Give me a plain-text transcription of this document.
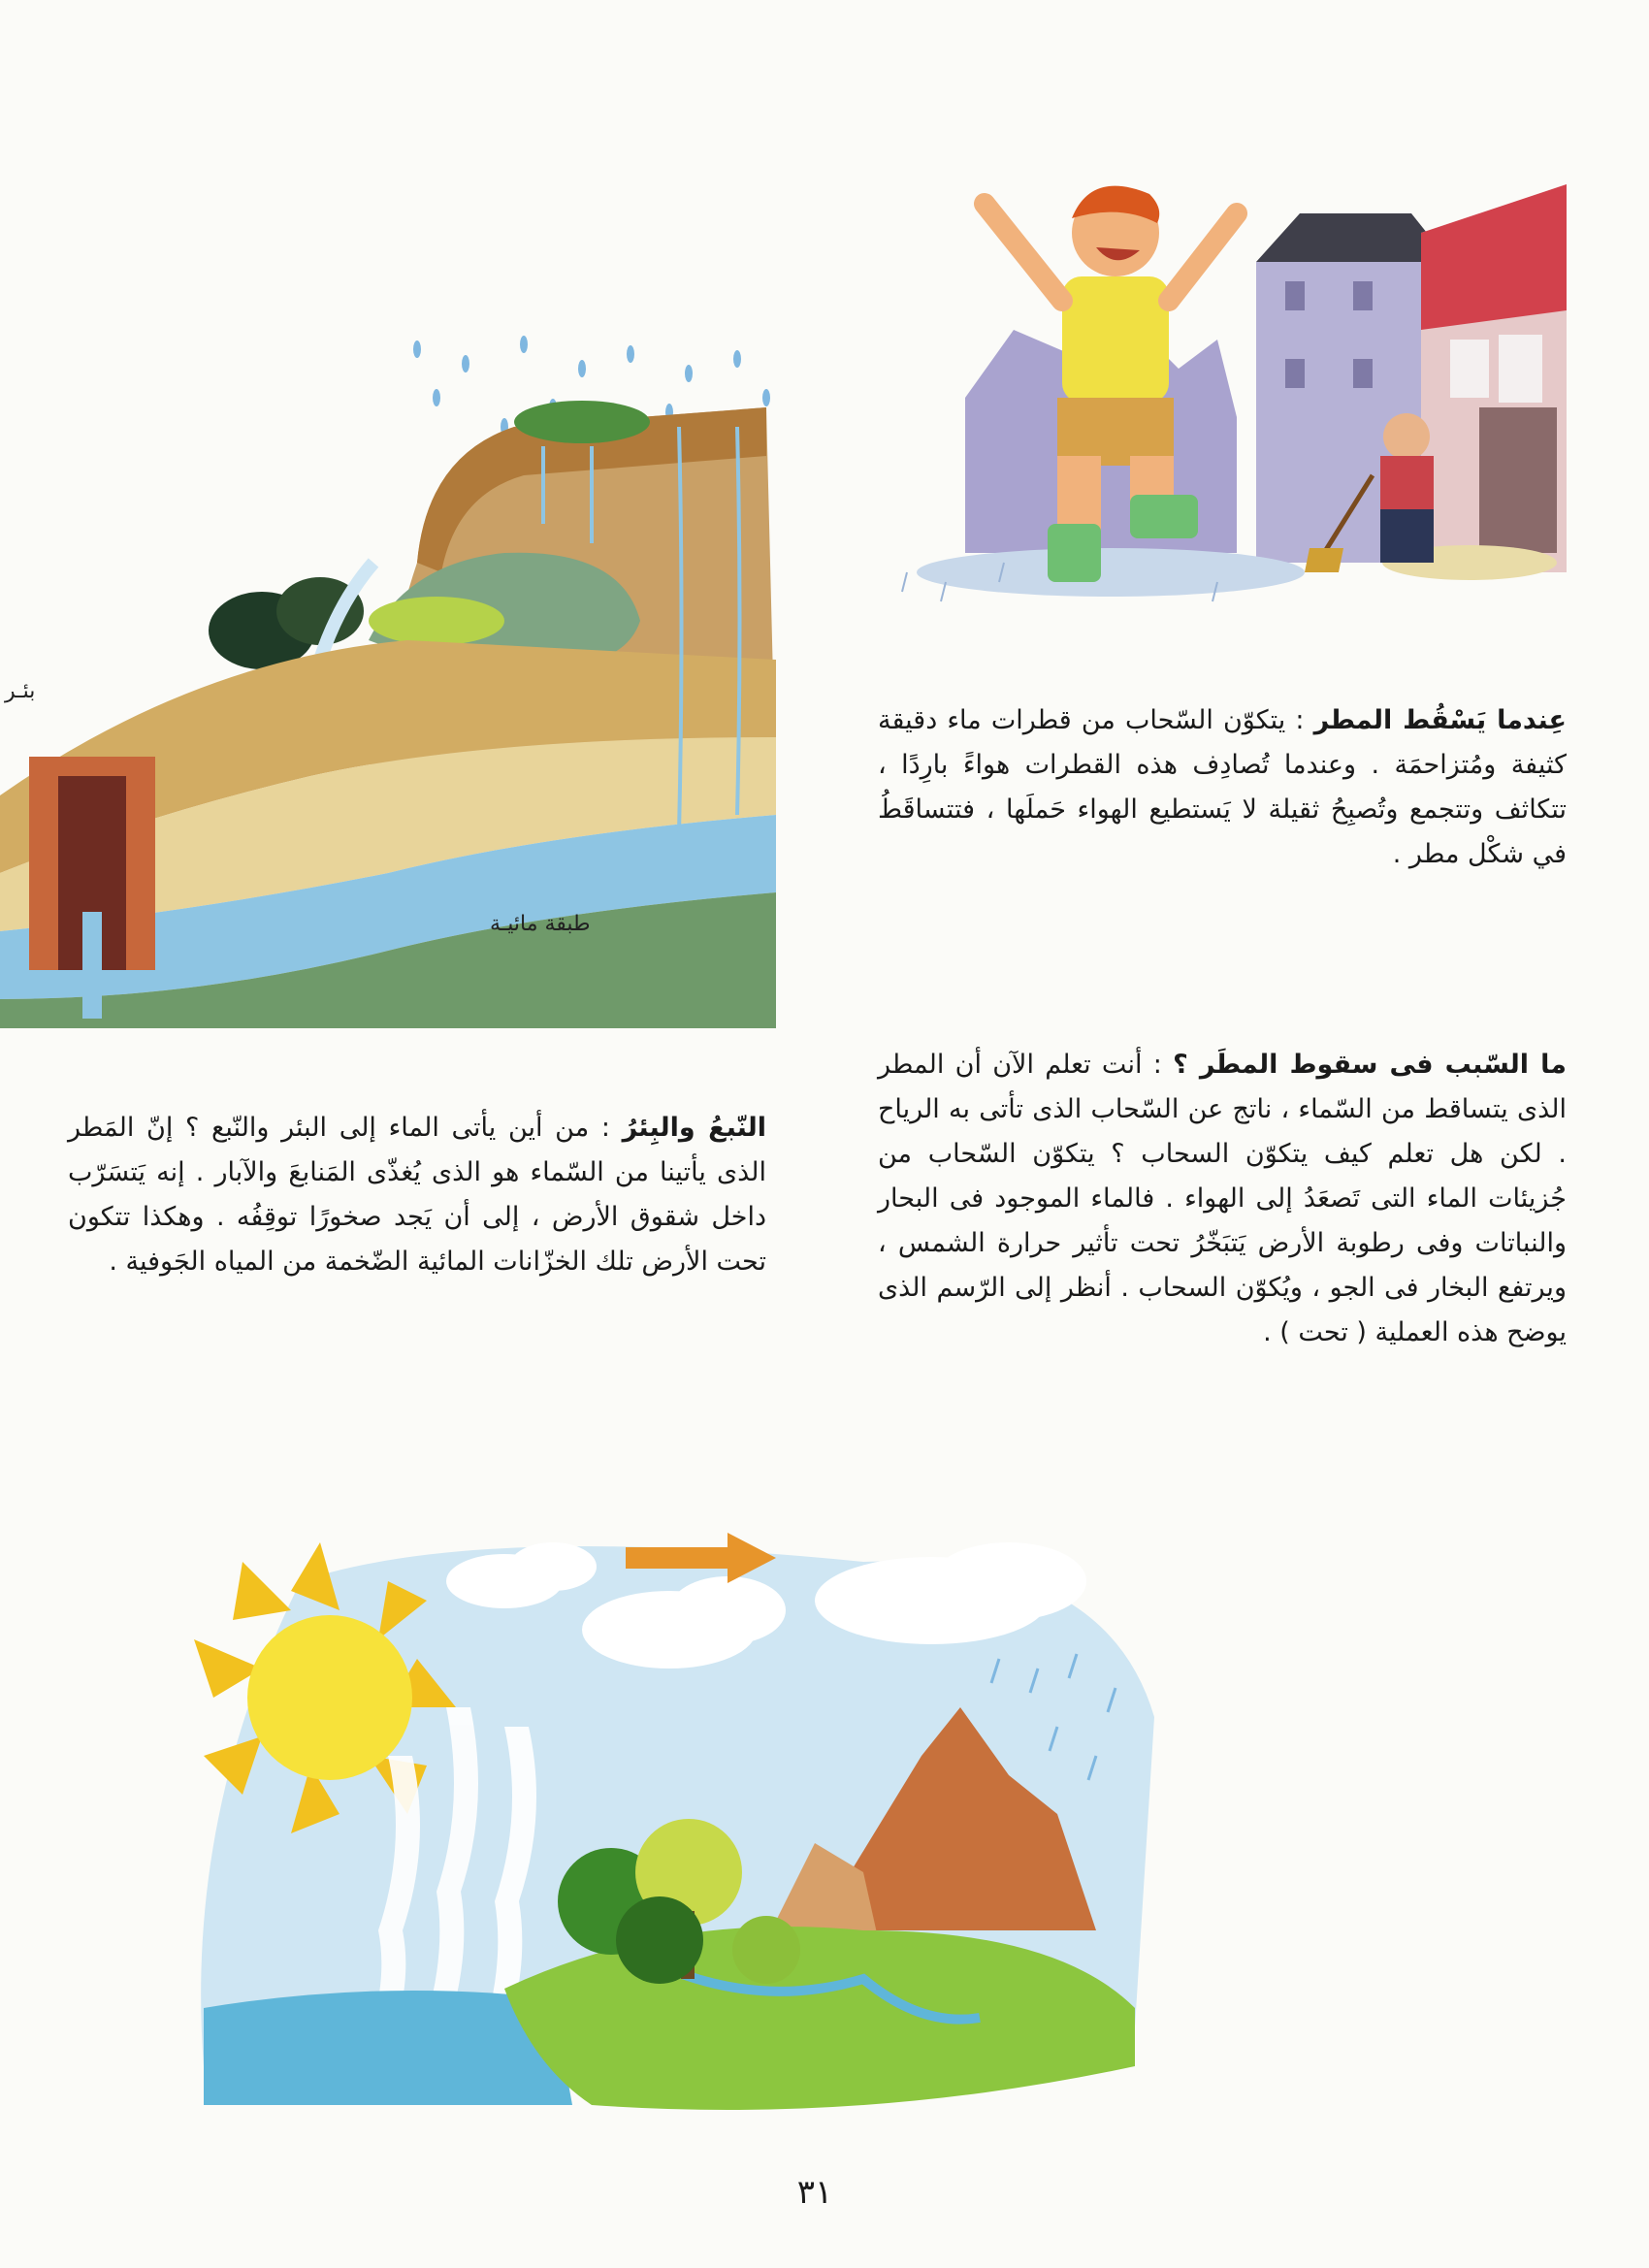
بئـر
طبقة مائيـة
عِندما يَسْقُط المطر : يتكوّن السّحاب من قطرات ماء دقيقة كثيفة ومُتزاحمَة . وعندما تُصادِف هذه القطرات هواءً بارِدًا ، تتكاثف وتتجمع وتُصبِحُ ثقيلة لا يَستطيع الهواء حَملَها ، فتتساقَطُ في شكْل مطر .
ما السّبب فى سقوط المطَر ؟ : أنت تعلم الآن أن المطر الذى يتساقط من السّماء ، ناتج عن السّحاب الذى تأتى به الرياح . لكن هل تعلم كيف يتكوّن السحاب ؟ يتكوّن السّحاب من جُزيئات الماء التى تَصعَدُ إلى الهواء . فالماء الموجود فى البحار والنباتات وفى رطوبة الأرض يَتبَخّرُ تحت تأثير حرارة الشمس ، ويرتفع البخار فى الجو ، ويُكوّن السحاب . أنظر إلى الرّسم الذى يوضح هذه العملية ( تحت ) .
النّبعُ والبِئرُ : من أين يأتى الماء إلى البئر والنّبع ؟ إنّ المَطر الذى يأتينا من السّماء هو الذى يُغذّى المَنابعَ والآبار . إنه يَتسَرّب داخل شقوق الأرض ، إلى أن يَجد صخورًا توقِفُه . وهكذا تتكون تحت الأرض تلك الخزّانات المائية الضّخمة من المياه الجَوفية .
٣١
